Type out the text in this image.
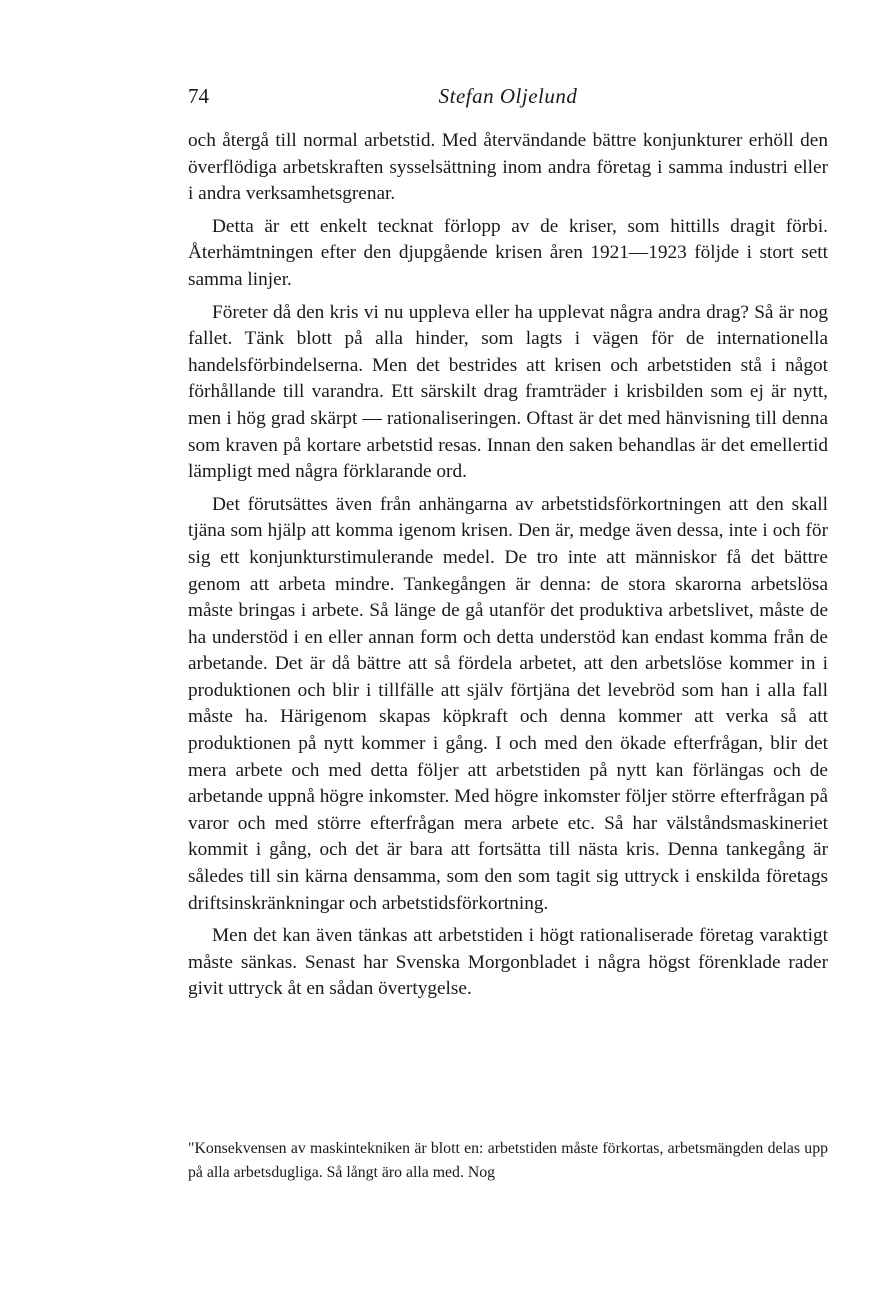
74	Stefan Oljelund

och återgå till normal arbetstid. Med återvändande bättre konjunkturer erhöll den överflödiga arbetskraften sysselsättning inom andra företag i samma industri eller i andra verksamhetsgrenar.

Detta är ett enkelt tecknat förlopp av de kriser, som hittills dragit förbi. Återhämtningen efter den djupgående krisen åren 1921—1923 följde i stort sett samma linjer.

Företer då den kris vi nu uppleva eller ha upplevat några andra drag? Så är nog fallet. Tänk blott på alla hinder, som lagts i vägen för de internationella handelsförbindelserna. Men det bestrides att krisen och arbetstiden stå i något förhållande till varandra. Ett särskilt drag framträder i krisbilden som ej är nytt, men i hög grad skärpt — rationaliseringen. Oftast är det med hänvisning till denna som kraven på kortare arbetstid resas. Innan den saken behandlas är det emellertid lämpligt med några förklarande ord.

Det förutsättes även från anhängarna av arbetstidsförkortningen att den skall tjäna som hjälp att komma igenom krisen. Den är, medge även dessa, inte i och för sig ett konjunkturstimulerande medel. De tro inte att människor få det bättre genom att arbeta mindre. Tankegången är denna: de stora skarorna arbetslösa måste bringas i arbete. Så länge de gå utanför det produktiva arbetslivet, måste de ha understöd i en eller annan form och detta understöd kan endast komma från de arbetande. Det är då bättre att så fördela arbetet, att den arbetslöse kommer in i produktionen och blir i tillfälle att själv förtjäna det levebröd som han i alla fall måste ha. Härigenom skapas köpkraft och denna kommer att verka så att produktionen på nytt kommer i gång. I och med den ökade efterfrågan, blir det mera arbete och med detta följer att arbetstiden på nytt kan förlängas och de arbetande uppnå högre inkomster. Med högre inkomster följer större efterfrågan på varor och med större efterfrågan mera arbete etc. Så har välståndsmaskineriet kommit i gång, och det är bara att fortsätta till nästa kris. Denna tankegång är således till sin kärna densamma, som den som tagit sig uttryck i enskilda företags driftsinskränkningar och arbetstidsförkortning.

Men det kan även tänkas att arbetstiden i högt rationaliserade företag varaktigt måste sänkas. Senast har Svenska Morgonbladet i några högst förenklade rader givit uttryck åt en sådan övertygelse.

"Konsekvensen av maskintekniken är blott en: arbetstiden måste förkortas, arbetsmängden delas upp på alla arbetsdugliga. Så långt äro alla med. Nog
